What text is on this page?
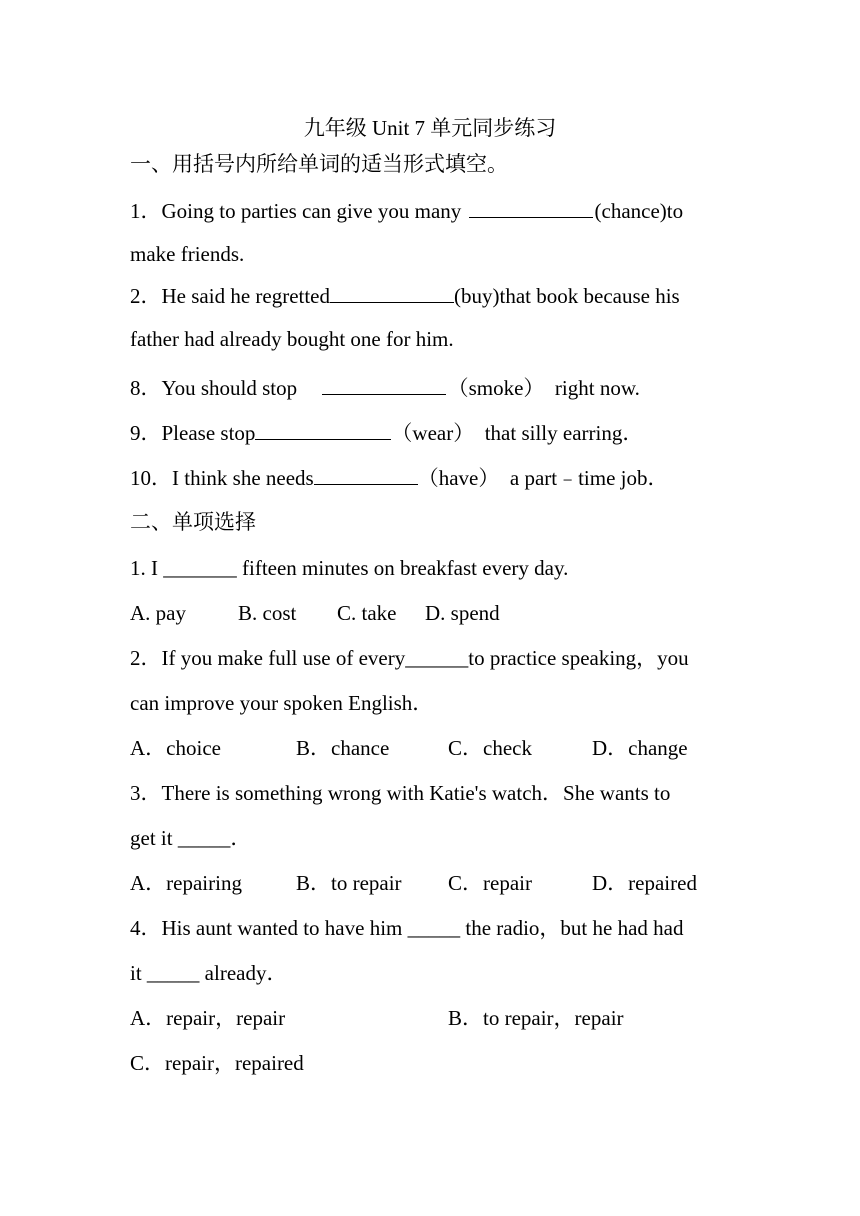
九年级 Unit 7 单元同步练习
一、用括号内所给单词的适当形式填空。
1．Going to parties can give you many	(chance)to
make friends.
2．He said he regretted	(buy)that book because his
father had already bought one for him.
8．You should stop	（smoke）  right now.
9．Please stop	（wear）  that silly earring．
10．I think she needs	（have）  a part﹣time job．
二、单项选择
1. I _______ fifteen minutes on breakfast every day.
A. pay B. cost C. take D. spend
2．If you make full use of every______to practice speaking，you
can improve your spoken English．
A．choice	B．chance	C．check	D．change
3．There is something wrong with Katie's watch．She wants to
get it _____．
A．repairing	B．to repair C．repair	D．repaired
4．His aunt wanted to have him _____ the radio，but he had had
it _____ already．
A．repair，repair	B．to repair，repair
C．repair，repaired
